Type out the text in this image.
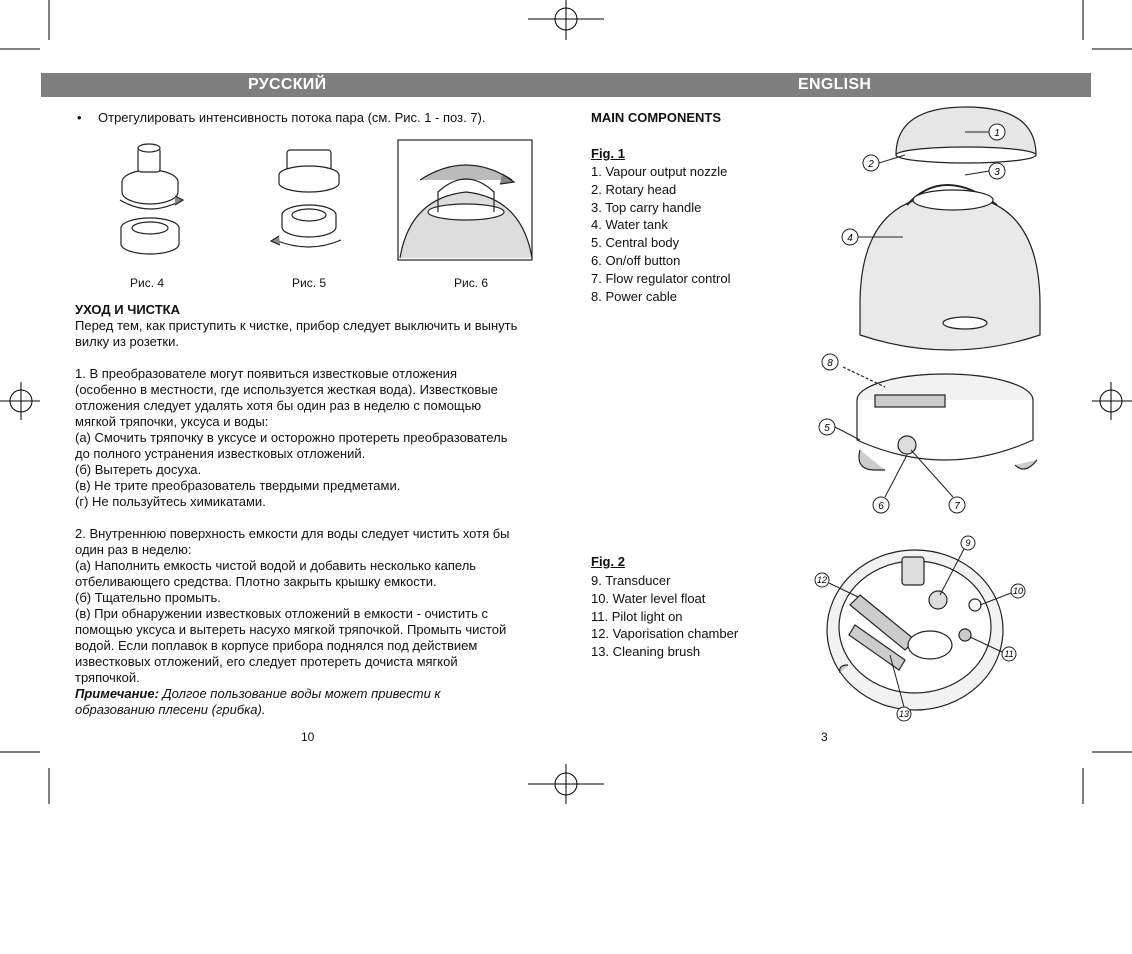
РУССКИЙ	ENGLISH
• Отрегулировать интенсивность потока пара (см. Рис. 1 - поз. 7).
Рис. 4	Рис. 5	Рис. 6
УХОД И ЧИСТКА
Перед тем, как приступить к чистке, прибор следует выключить и вынуть
вилку из розетки.
1. В преобразователе могут появиться известковые отложения
(особенно в местности, где используется жесткая вода). Известковые
отложения следует удалять хотя бы один раз в неделю с помощью
мягкой тряпочки, уксуса и воды:
(а) Смочить тряпочку в уксусе и осторожно протереть преобразователь
до полного устранения известковых отложений.
(б) Вытереть досуха.
(в) Не трите преобразователь твердыми предметами.
(г) Не пользуйтесь химикатами.
2. Внутреннюю поверхность емкости для воды следует чистить хотя бы
один раз в неделю:
(а) Наполнить емкость чистой водой и добавить несколько капель
отбеливающего средства. Плотно закрыть крышку емкости.
(б) Тщательно промыть.
(в) При обнаружении известковых отложений в емкости - очистить с
помощью уксуса и вытереть насухо мягкой тряпочкой. Промыть чистой
водой. Если поплавок в корпусе прибора поднялся под действием
известковых отложений, его следует протереть дочиста мягкой
тряпочкой.
Примечание: Долгое пользование воды может привести к
образованию плесени (грибка).
10
MAIN COMPONENTS
Fig. 1
1. Vapour output nozzle
2. Rotary head
3. Top carry handle
4. Water tank
5. Central body
6. On/off button
7. Flow regulator control
8. Power cable
Fig. 2
9. Transducer
10. Water level float
11. Pilot light on
12. Vaporisation chamber
13. Cleaning brush
3
1
2
3
4
5
6	7
8
9
10
11
12
13
